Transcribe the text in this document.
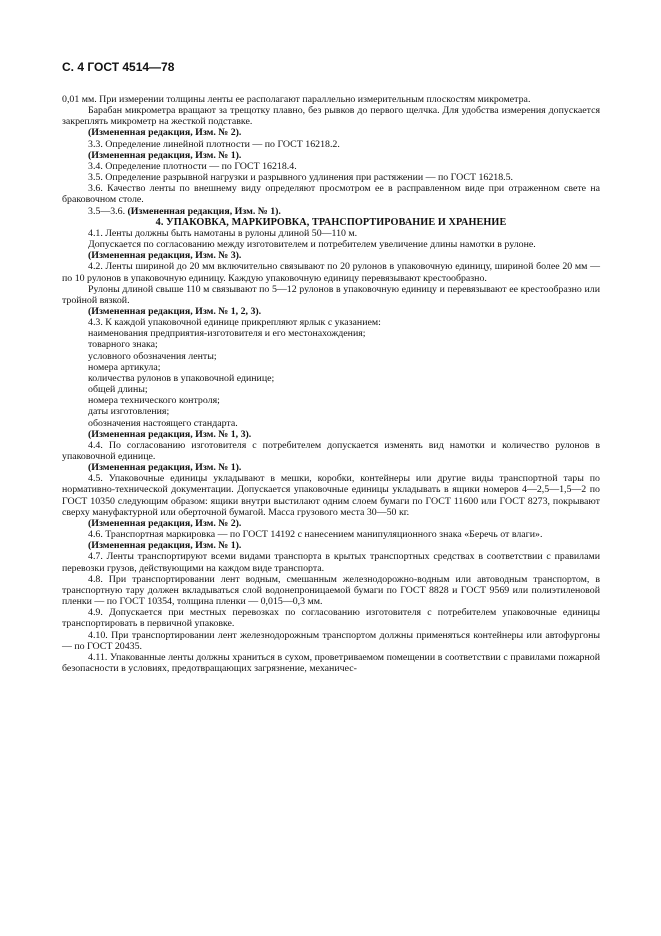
С. 4 ГОСТ 4514—78

0,01 мм. При измерении толщины ленты ее располагают параллельно измерительным плоскостям микрометра.

Барабан микрометра вращают за трещотку плавно, без рывков до первого щелчка. Для удобства измерения допускается закреплять микрометр на жесткой подставке.

(Измененная редакция, Изм. № 2).

3.3. Определение линейной плотности — по ГОСТ 16218.2.

(Измененная редакция, Изм. № 1).

3.4. Определение плотности — по ГОСТ 16218.4.

3.5. Определение разрывной нагрузки и разрывного удлинения при растяжении — по ГОСТ 16218.5.

3.6. Качество ленты по внешнему виду определяют просмотром ее в расправленном виде при отраженном свете на браковочном столе.

3.5—3.6. (Измененная редакция, Изм. № 1).

4. УПАКОВКА, МАРКИРОВКА, ТРАНСПОРТИРОВАНИЕ И ХРАНЕНИЕ

4.1. Ленты должны быть намотаны в рулоны длиной 50—110 м.

Допускается по согласованию между изготовителем и потребителем увеличение длины намотки в рулоне.

(Измененная редакция, Изм. № 3).

4.2. Ленты шириной до 20 мм включительно связывают по 20 рулонов в упаковочную единицу, шириной более 20 мм — по 10 рулонов в упаковочную единицу. Каждую упаковочную единицу перевязывают крестообразно.

Рулоны длиной свыше 110 м связывают по 5—12 рулонов в упаковочную единицу и перевязывают ее крестообразно или тройной вязкой.

(Измененная редакция, Изм. № 1, 2, 3).

4.3. К каждой упаковочной единице прикрепляют ярлык с указанием:

наименования предприятия-изготовителя и его местонахождения;

товарного знака;

условного обозначения ленты;

номера артикула;

количества рулонов в упаковочной единице;

общей длины;

номера технического контроля;

даты изготовления;

обозначения настоящего стандарта.

(Измененная редакция, Изм. № 1, 3).

4.4. По согласованию изготовителя с потребителем допускается изменять вид намотки и количество рулонов в упаковочной единице.

(Измененная редакция, Изм. № 1).

4.5. Упаковочные единицы укладывают в мешки, коробки, контейнеры или другие виды транспортной тары по нормативно-технической документации. Допускается упаковочные единицы укладывать в ящики номеров 4—2,5—1,5—2 по ГОСТ 10350 следующим образом: ящики внутри выстилают одним слоем бумаги по ГОСТ 11600 или ГОСТ 8273, покрывают сверху мануфактурной или оберточной бумагой. Масса грузового места 30—50 кг.

(Измененная редакция, Изм. № 2).

4.6. Транспортная маркировка — по ГОСТ 14192 с нанесением манипуляционного знака «Беречь от влаги».

(Измененная редакция, Изм. № 1).

4.7. Ленты транспортируют всеми видами транспорта в крытых транспортных средствах в соответствии с правилами перевозки грузов, действующими на каждом виде транспорта.

4.8. При транспортировании лент водным, смешанным железнодорожно-водным или автоводным транспортом, в транспортную тару должен вкладываться слой водонепроницаемой бумаги по ГОСТ 8828 и ГОСТ 9569 или полиэтиленовой пленки — по ГОСТ 10354, толщина пленки — 0,015—0,3 мм.

4.9. Допускается при местных перевозках по согласованию изготовителя с потребителем упаковочные единицы транспортировать в первичной упаковке.

4.10. При транспортировании лент железнодорожным транспортом должны применяться контейнеры или автофургоны — по ГОСТ 20435.

4.11. Упакованные ленты должны храниться в сухом, проветриваемом помещении в соответствии с правилами пожарной безопасности в условиях, предотвращающих загрязнение, механичес-
